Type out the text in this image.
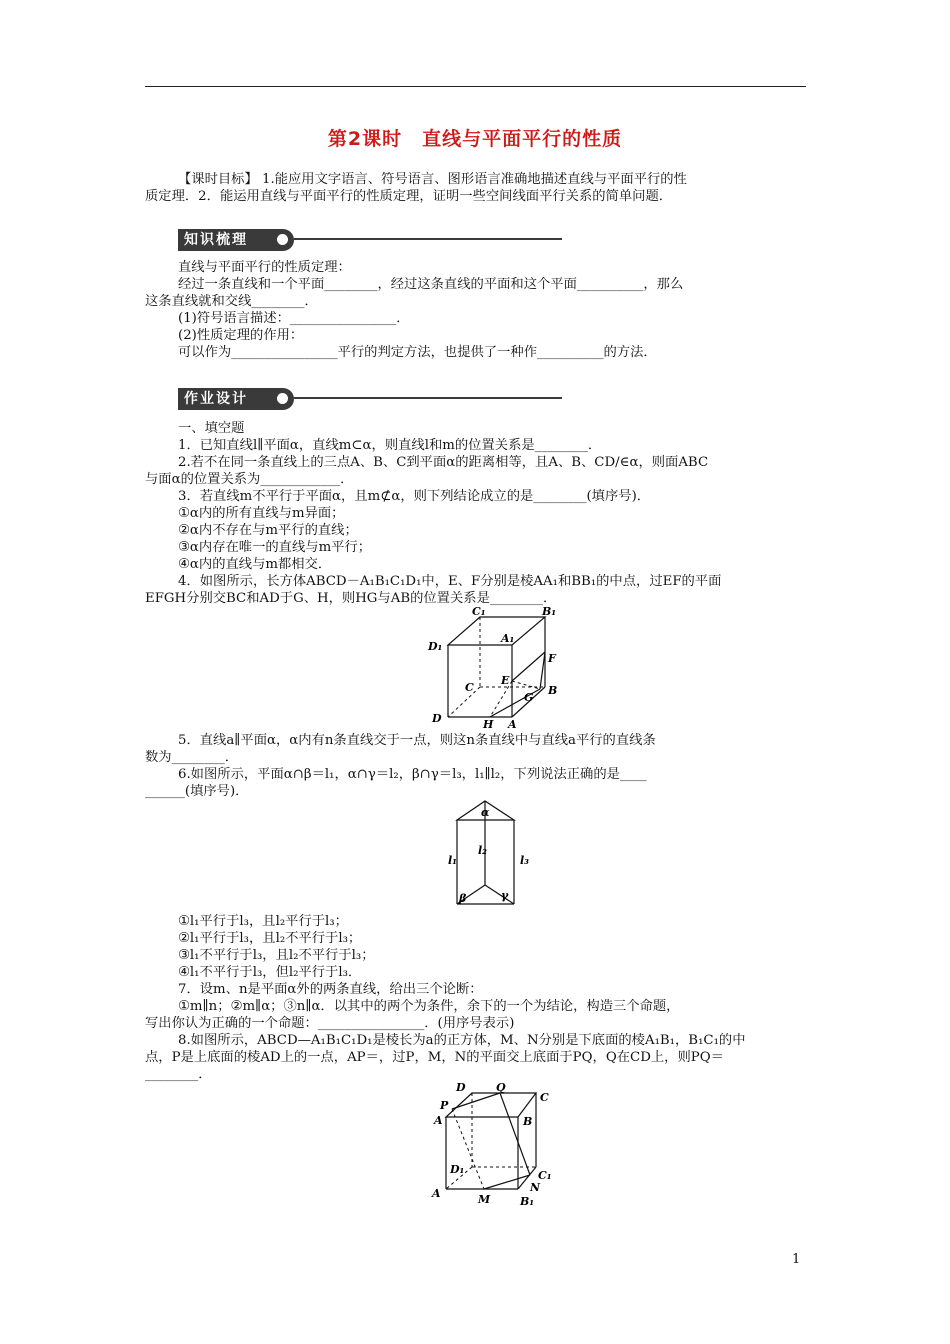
第2课时　直线与平面平行的性质
【课时目标】 1.能应用文字语言、符号语言、图形语言准确地描述直线与平面平行的性
质定理．2．能运用直线与平面平行的性质定理，证明一些空间线面平行关系的简单问题．
知识梳理
直线与平面平行的性质定理：
经过一条直线和一个平面________，经过这条直线的平面和这个平面__________，那么
这条直线就和交线________．
(1)符号语言描述：________________．
(2)性质定理的作用：
可以作为________________平行的判定方法，也提供了一种作__________的方法．
作业设计
一、填空题
1．已知直线l∥平面α，直线m⊂α，则直线l和m的位置关系是________．
2.若不在同一条直线上的三点A、B、C到平面α的距离相等，且A、B、CD/∈α，则面ABC
与面α的位置关系为____________．
3．若直线m不平行于平面α，且m⊄α，则下列结论成立的是________(填序号)．
①α内的所有直线与m异面；
②α内不存在与m平行的直线；
③α内存在唯一的直线与m平行；
④α内的直线与m都相交．
4．如图所示，长方体ABCD－A₁B₁C₁D₁中，E、F分别是棱AA₁和BB₁的中点，过EF的平面
EFGH分别交BC和AD于G、H，则HG与AB的位置关系是________．
C₁	B₁
A₁
D₁
F
E
C	B
G
D	H A
5．直线a∥平面α，α内有n条直线交于一点，则这n条直线中与直线a平行的直线条
数为________．
6.如图所示，平面α∩β＝l₁，α∩γ＝l₂，β∩γ＝l₃，l₁∥l₂，下列说法正确的是____
______(填序号)．
α
l₂
l₁	l₃
β	γ
①l₁平行于l₃，且l₂平行于l₃；
②l₁平行于l₃，且l₂不平行于l₃；
③l₁不平行于l₃，且l₂不平行于l₃；
④l₁不平行于l₃，但l₂平行于l₃．
7．设m、n是平面α外的两条直线，给出三个论断：
①m∥n；②m∥α；③n∥α．以其中的两个为条件，余下的一个为结论，构造三个命题，
写出你认为正确的一个命题：________________．(用序号表示)
8.如图所示，ABCD—A₁B₁C₁D₁是棱长为a的正方体，M、N分别是下底面的棱A₁B₁，B₁C₁的中
点，P是上底面的棱AD上的一点，AP＝，过P，M，N的平面交上底面于PQ，Q在CD上，则PQ＝
________．
D	Q
C
P
A	B
D₁	C₁
N
A	M	B₁
1
